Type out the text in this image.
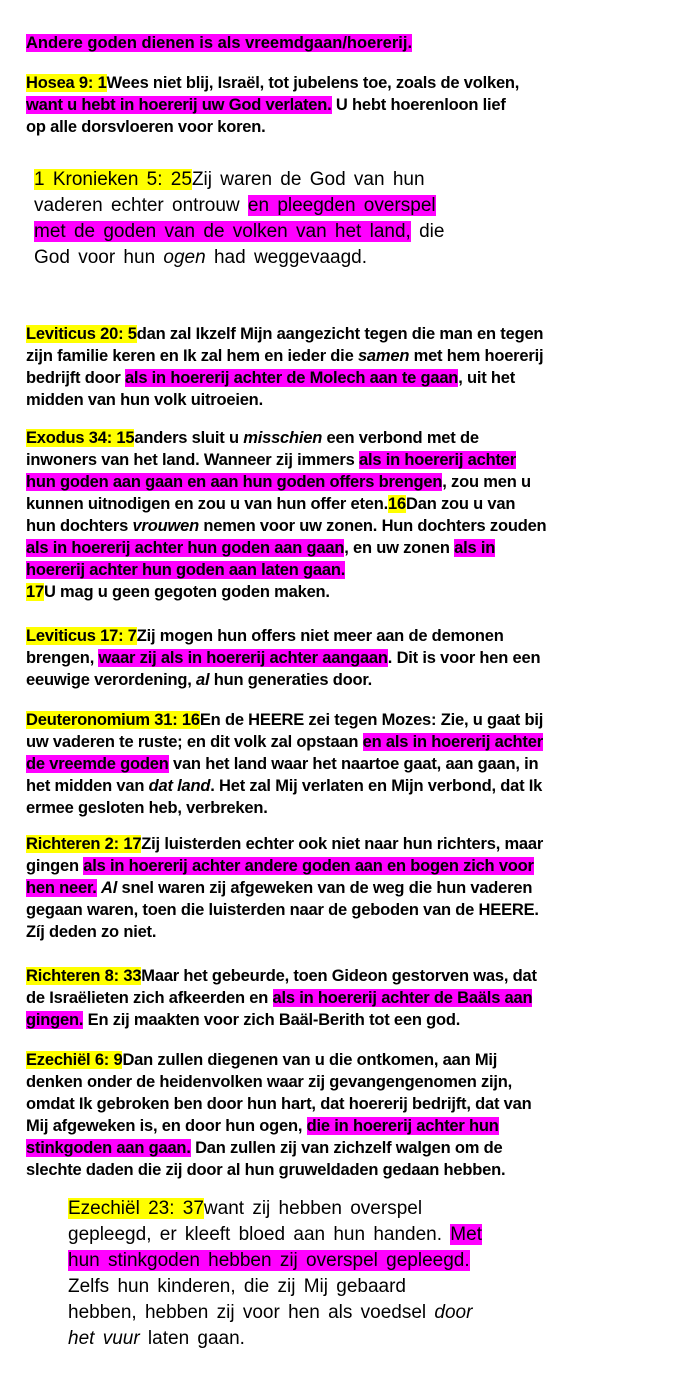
Andere goden dienen is als vreemdgaan/hoererij.
Hosea 9: 1Wees niet blij, Israël, tot jubelens toe, zoals de volken,
want u hebt in hoererij uw God verlaten. U hebt hoerenloon lief
op alle dorsvloeren voor koren.
1 Kronieken 5: 25Zij waren de God van hun
vaderen echter ontrouw en pleegden overspel
met de goden van de volken van het land, die
God voor hun ogen had weggevaagd.
Leviticus 20: 5dan zal Ikzelf Mijn aangezicht tegen die man en tegen
zijn familie keren en Ik zal hem en ieder die samen met hem hoererij
bedrijft door als in hoererij achter de Molech aan te gaan, uit het
midden van hun volk uitroeien.
Exodus 34: 15anders sluit u misschien een verbond met de
inwoners van het land. Wanneer zij immers als in hoererij achter
hun goden aan gaan en aan hun goden offers brengen, zou men u
kunnen uitnodigen en zou u van hun offer eten.16Dan zou u van
hun dochters vrouwen nemen voor uw zonen. Hun dochters zouden
als in hoererij achter hun goden aan gaan, en uw zonen als in
hoererij achter hun goden aan laten gaan.
17U mag u geen gegoten goden maken.
Leviticus 17: 7Zij mogen hun offers niet meer aan de demonen
brengen, waar zij als in hoererij achter aangaan. Dit is voor hen een
eeuwige verordening, al hun generaties door.
Deuteronomium 31: 16En de HEERE zei tegen Mozes: Zie, u gaat bij
uw vaderen te ruste; en dit volk zal opstaan en als in hoererij achter
de vreemde goden van het land waar het naartoe gaat, aan gaan, in
het midden van dat land. Het zal Mij verlaten en Mijn verbond, dat Ik
ermee gesloten heb, verbreken.
Richteren 2: 17Zij luisterden echter ook niet naar hun richters, maar
gingen als in hoererij achter andere goden aan en bogen zich voor
hen neer. Al snel waren zij afgeweken van de weg die hun vaderen
gegaan waren, toen die luisterden naar de geboden van de HEERE.
Zíj deden zo niet.
Richteren 8: 33Maar het gebeurde, toen Gideon gestorven was, dat
de Israëlieten zich afkeerden en als in hoererij achter de Baäls aan
gingen. En zij maakten voor zich Baäl-Berith tot een god.
Ezechiël 6: 9Dan zullen diegenen van u die ontkomen, aan Mij
denken onder de heidenvolken waar zij gevangengenomen zijn,
omdat Ik gebroken ben door hun hart, dat hoererij bedrijft, dat van
Mij afgeweken is, en door hun ogen, die in hoererij achter hun
stinkgoden aan gaan. Dan zullen zij van zichzelf walgen om de
slechte daden die zij door al hun gruweldaden gedaan hebben.
Ezechiël 23: 37want zij hebben overspel
gepleegd, er kleeft bloed aan hun handen. Met
hun stinkgoden hebben zij overspel gepleegd.
Zelfs hun kinderen, die zij Mij gebaard
hebben, hebben zij voor hen als voedsel door
het vuur laten gaan.
